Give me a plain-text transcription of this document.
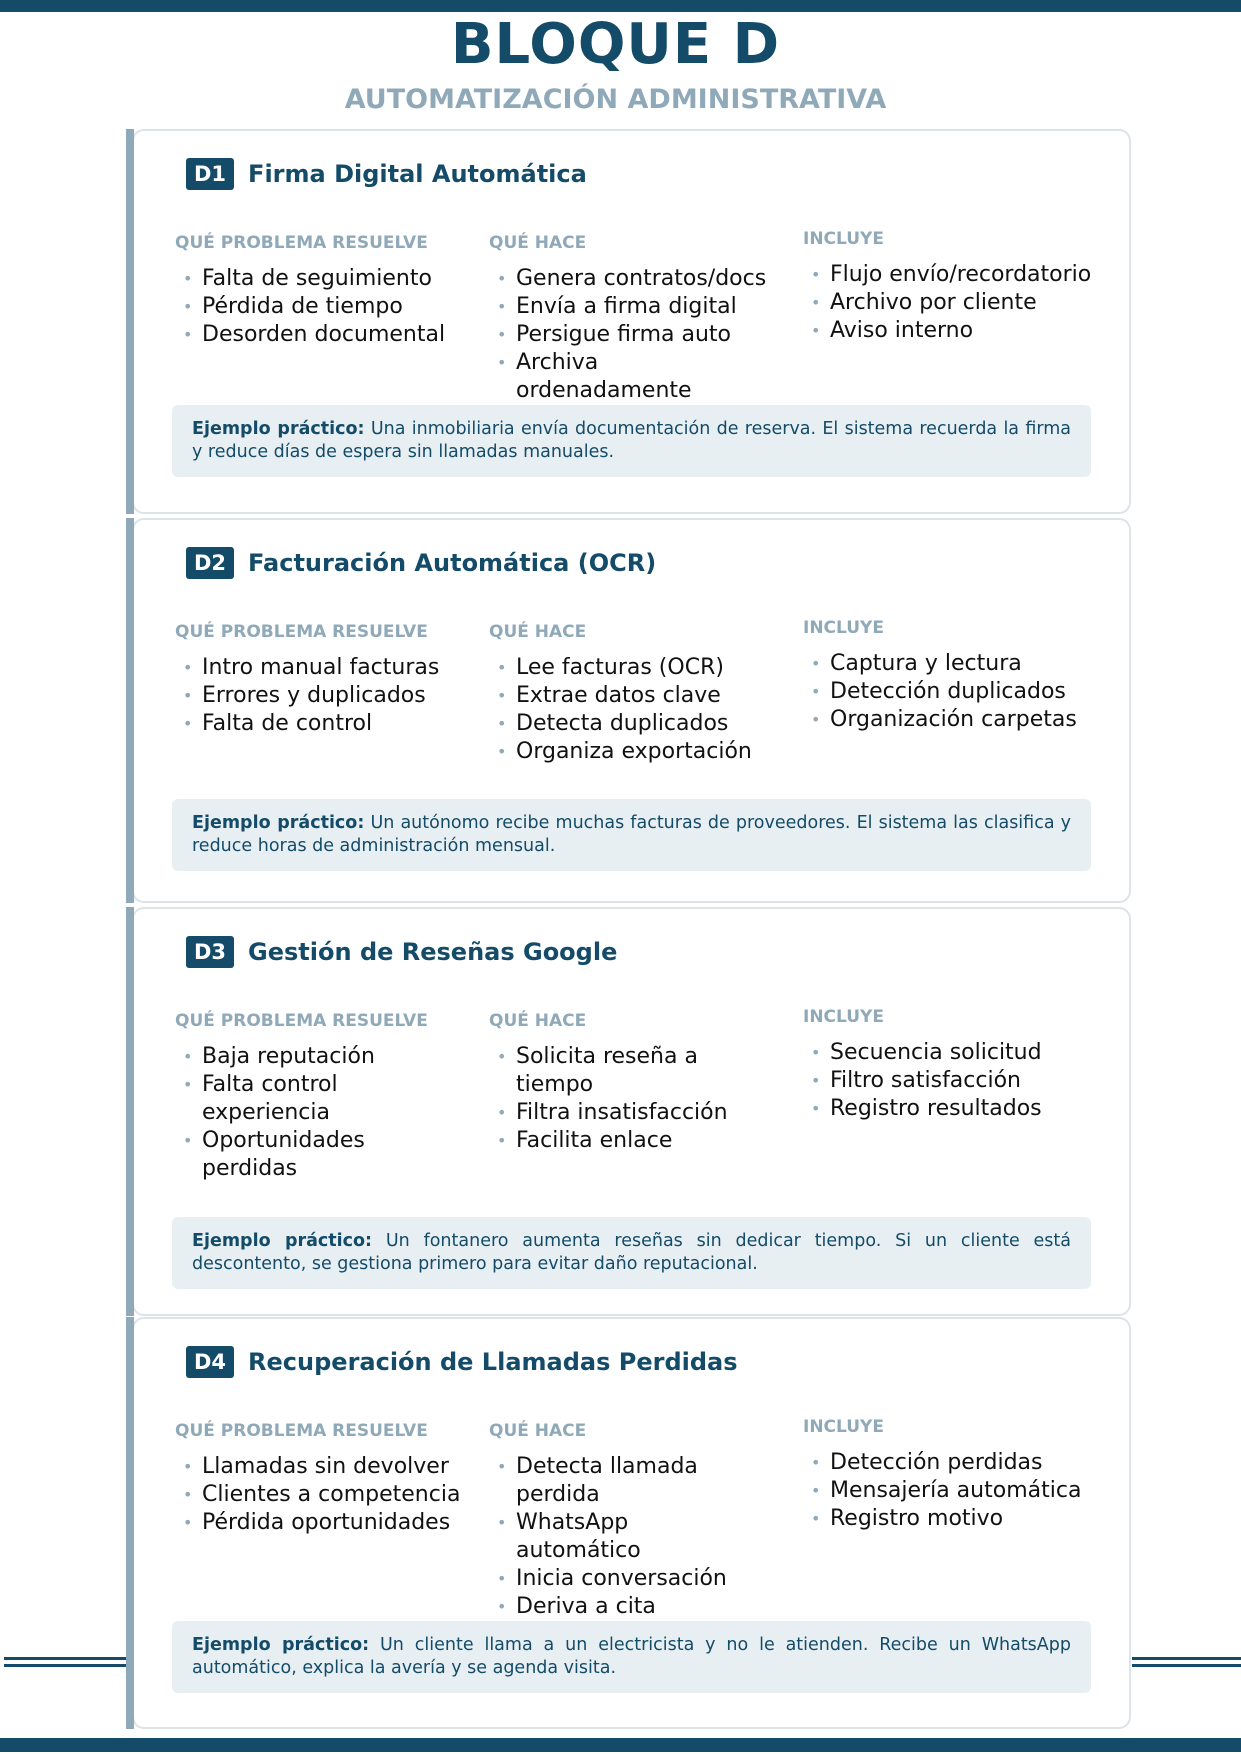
BLOQUE D
AUTOMATIZACIÓN ADMINISTRATIVA
D1 Firma Digital Automática
QUÉ PROBLEMA RESUELVE
• Falta de seguimiento
• Pérdida de tiempo
• Desorden documental
QUÉ HACE
• Genera contratos/docs
• Envía a firma digital
• Persigue firma auto
• Archiva ordenadamente
INCLUYE
• Flujo envío/recordatorio
• Archivo por cliente
• Aviso interno
Ejemplo práctico: Una inmobiliaria envía documentación de reserva. El sistema recuerda la firma y reduce días de espera sin llamadas manuales.
D2 Facturación Automática (OCR)
QUÉ PROBLEMA RESUELVE
• Intro manual facturas
• Errores y duplicados
• Falta de control
QUÉ HACE
• Lee facturas (OCR)
• Extrae datos clave
• Detecta duplicados
• Organiza exportación
INCLUYE
• Captura y lectura
• Detección duplicados
• Organización carpetas
Ejemplo práctico: Un autónomo recibe muchas facturas de proveedores. El sistema las clasifica y reduce horas de administración mensual.
D3 Gestión de Reseñas Google
QUÉ PROBLEMA RESUELVE
• Baja reputación
• Falta control experiencia
• Oportunidades perdidas
QUÉ HACE
• Solicita reseña a tiempo
• Filtra insatisfacción
• Facilita enlace
INCLUYE
• Secuencia solicitud
• Filtro satisfacción
• Registro resultados
Ejemplo práctico: Un fontanero aumenta reseñas sin dedicar tiempo. Si un cliente está descontento, se gestiona primero para evitar daño reputacional.
D4 Recuperación de Llamadas Perdidas
QUÉ PROBLEMA RESUELVE
• Llamadas sin devolver
• Clientes a competencia
• Pérdida oportunidades
QUÉ HACE
• Detecta llamada perdida
• WhatsApp automático
• Inicia conversación
• Deriva a cita
INCLUYE
• Detección perdidas
• Mensajería automática
• Registro motivo
Ejemplo práctico: Un cliente llama a un electricista y no le atienden. Recibe un WhatsApp automático, explica la avería y se agenda visita.
